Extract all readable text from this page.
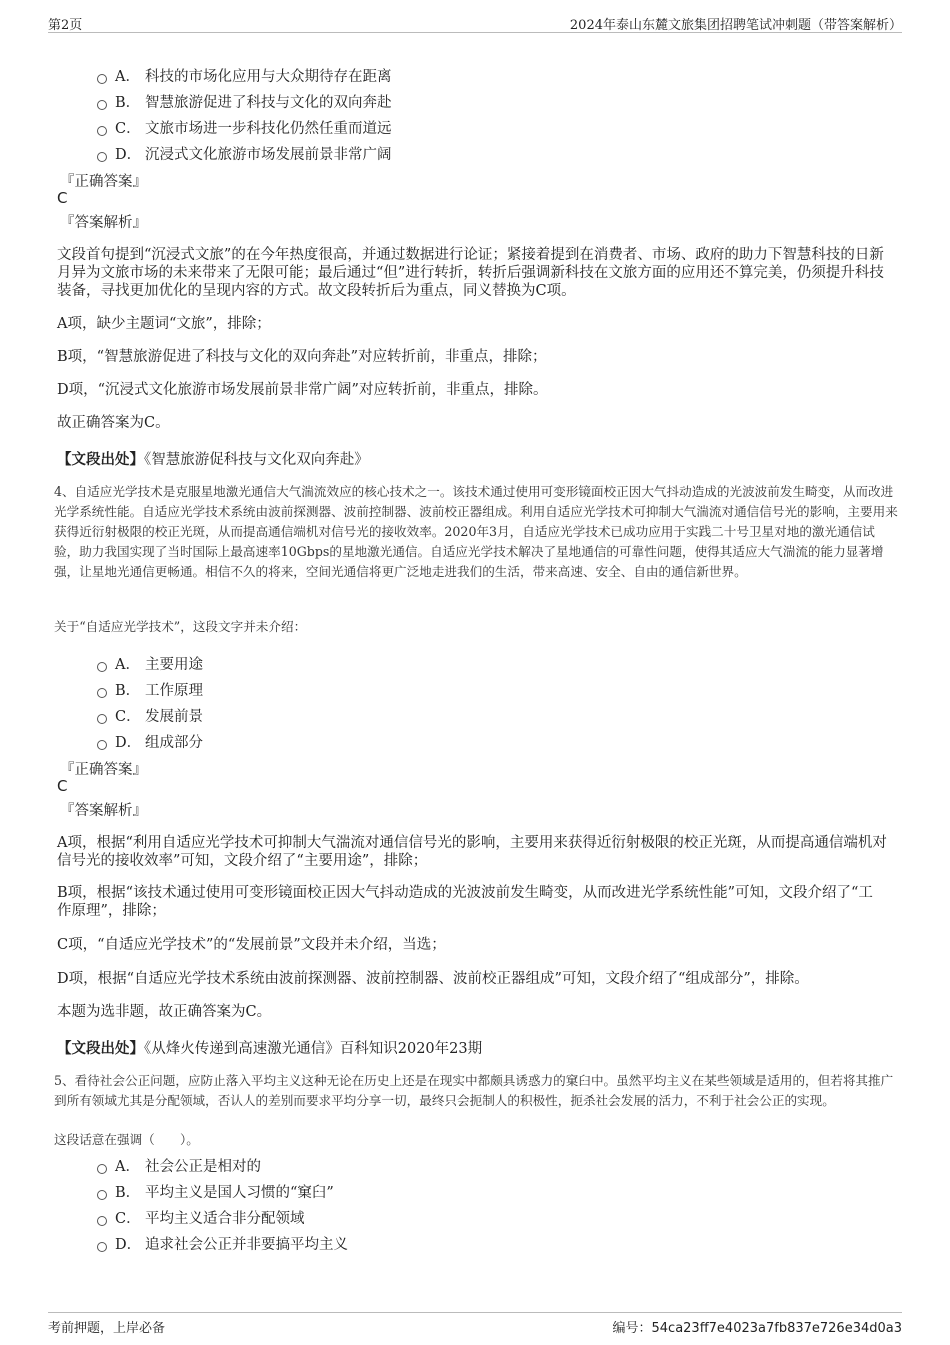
第2页	2024年泰山东麓文旅集团招聘笔试冲刺题（带答案解析）
A． 科技的市场化应用与大众期待存在距离
B． 智慧旅游促进了科技与文化的双向奔赴
C． 文旅市场进一步科技化仍然任重而道远
D． 沉浸式文化旅游市场发展前景非常广阔
『正确答案』
C
『答案解析』
文段首句提到“沉浸式文旅”的在今年热度很高，并通过数据进行论证；紧接着提到在消费者、市场、政府的助力下智慧科技的日新月异为文旅市场的未来带来了无限可能；最后通过“但”进行转折，转折后强调新科技在文旅方面的应用还不算完美，仍须提升科技装备，寻找更加优化的呈现内容的方式。故文段转折后为重点，同义替换为C项。
A项，缺少主题词“文旅”，排除；
B项，“智慧旅游促进了科技与文化的双向奔赴”对应转折前，非重点，排除；
D项，“沉浸式文化旅游市场发展前景非常广阔”对应转折前，非重点，排除。
故正确答案为C。
【文段出处】《智慧旅游促科技与文化双向奔赴》
4、自适应光学技术是克服星地激光通信大气湍流效应的核心技术之一。该技术通过使用可变形镜面校正因大气抖动造成的光波波前发生畸变，从而改进光学系统性能。自适应光学技术系统由波前探测器、波前控制器、波前校正器组成。利用自适应光学技术可抑制大气湍流对通信信号光的影响，主要用来获得近衍射极限的校正光斑，从而提高通信端机对信号光的接收效率。2020年3月，自适应光学技术已成功应用于实践二十号卫星对地的激光通信试验，助力我国实现了当时国际上最高速率10Gbps的星地激光通信。自适应光学技术解决了星地通信的可靠性问题，使得其适应大气湍流的能力显著增强，让星地光通信更畅通。相信不久的将来，空间光通信将更广泛地走进我们的生活，带来高速、安全、自由的通信新世界。
关于“自适应光学技术”，这段文字并未介绍：
A． 主要用途
B． 工作原理
C． 发展前景
D． 组成部分
『正确答案』
C
『答案解析』
A项，根据“利用自适应光学技术可抑制大气湍流对通信信号光的影响，主要用来获得近衍射极限的校正光斑，从而提高通信端机对信号光的接收效率”可知，文段介绍了“主要用途”，排除；
B项，根据“该技术通过使用可变形镜面校正因大气抖动造成的光波波前发生畸变，从而改进光学系统性能”可知，文段介绍了“工作原理”，排除；
C项，“自适应光学技术”的“发展前景”文段并未介绍，当选；
D项，根据“自适应光学技术系统由波前探测器、波前控制器、波前校正器组成”可知，文段介绍了“组成部分”，排除。
本题为选非题，故正确答案为C。
【文段出处】《从烽火传递到高速激光通信》百科知识2020年23期
5、看待社会公正问题，应防止落入平均主义这种无论在历史上还是在现实中都颇具诱惑力的窠臼中。虽然平均主义在某些领域是适用的，但若将其推广到所有领域尤其是分配领域，否认人的差别而要求平均分享一切，最终只会扼制人的积极性，扼杀社会发展的活力，不利于社会公正的实现。
这段话意在强调（　　）。
A． 社会公正是相对的
B． 平均主义是国人习惯的“窠臼”
C． 平均主义适合非分配领域
D． 追求社会公正并非要搞平均主义
考前押题，上岸必备	编号：54ca23ff7e4023a7fb837e726e34d0a3
